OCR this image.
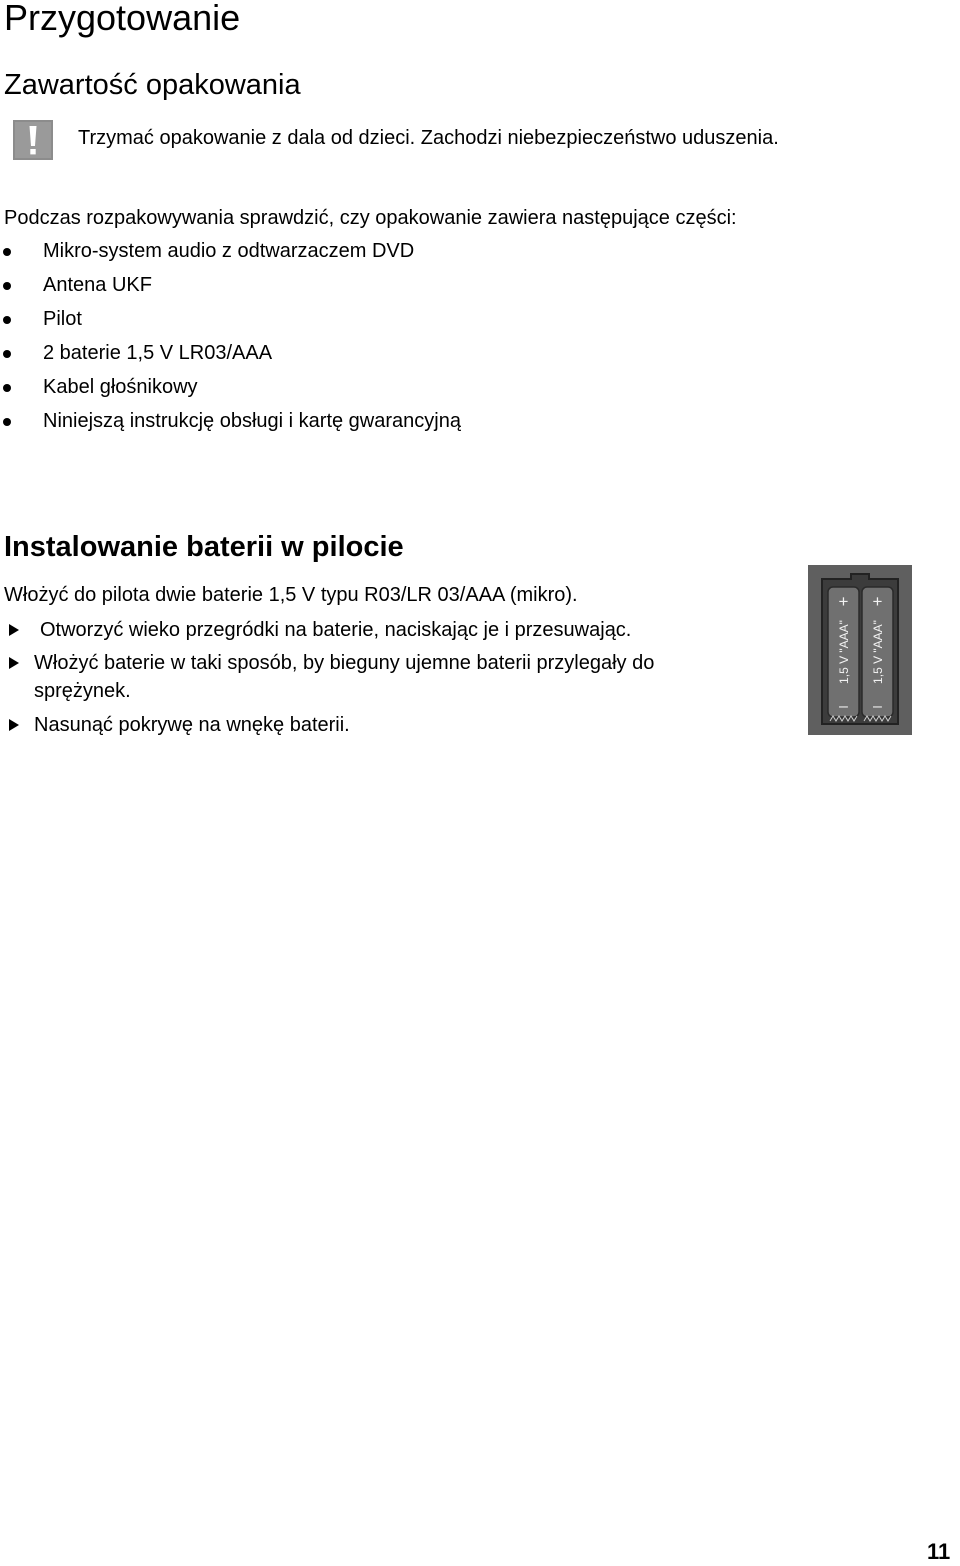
Przygotowanie
Zawartość opakowania
Trzymać opakowanie z dala od dzieci. Zachodzi niebezpieczeństwo uduszenia.
Podczas rozpakowywania sprawdzić, czy opakowanie zawiera następujące części:
Mikro-system audio z odtwarzaczem DVD
Antena UKF
Pilot
2 baterie 1,5 V LR03/AAA
Kabel głośnikowy
Niniejszą instrukcję obsługi i kartę gwarancyjną
Instalowanie baterii w pilocie
Włożyć do pilota dwie baterie 1,5 V typu R03/LR 03/AAA (mikro).
Otworzyć wieko przegródki na baterie, naciskając je i przesuwając.
Włożyć baterie w taki sposób, by bieguny ujemne baterii przylegały do sprężynek.
Nasunąć pokrywę na wnękę baterii.
+ +
– –
1,5 V "AAA" 1,5 V "AAA"
11
